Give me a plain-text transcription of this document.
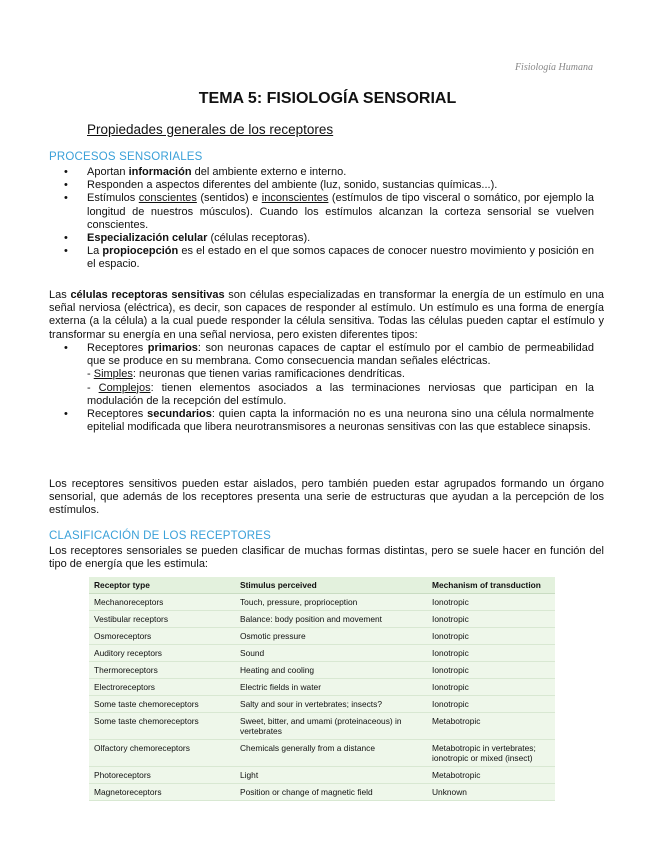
Fisiología Humana
TEMA 5: FISIOLOGÍA SENSORIAL
Propiedades generales de los receptores
PROCESOS SENSORIALES
• Aportan información del ambiente externo e interno.
• Responden a aspectos diferentes del ambiente (luz, sonido, sustancias químicas...).
• Estímulos conscientes (sentidos) e inconscientes (estímulos de tipo visceral o somático, por ejemplo la longitud de nuestros músculos). Cuando los estímulos alcanzan la corteza sensorial se vuelven conscientes.
• Especialización celular (células receptoras).
• La propiocepción es el estado en el que somos capaces de conocer nuestro movimiento y posición en el espacio.
Las células receptoras sensitivas son células especializadas en transformar la energía de un estímulo en una señal nerviosa (eléctrica), es decir, son capaces de responder al estímulo. Un estímulo es una forma de energía externa (a la célula) a la cual puede responder la célula sensitiva. Todas las células pueden captar el estímulo y transformar su energía en una señal nerviosa, pero existen diferentes tipos:
• Receptores primarios: son neuronas capaces de captar el estímulo por el cambio de permeabilidad que se produce en su membrana. Como consecuencia mandan señales eléctricas.
- Simples: neuronas que tienen varias ramificaciones dendríticas.
- Complejos: tienen elementos asociados a las terminaciones nerviosas que participan en la modulación de la recepción del estímulo.
• Receptores secundarios: quien capta la información no es una neurona sino una célula normalmente epitelial modificada que libera neurotransmisores a neuronas sensitivas con las que establece sinapsis.
Los receptores sensitivos pueden estar aislados, pero también pueden estar agrupados formando un órgano sensorial, que además de los receptores presenta una serie de estructuras que ayudan a la percepción de los estímulos.
CLASIFICACIÓN DE LOS RECEPTORES
Los receptores sensoriales se pueden clasificar de muchas formas distintas, pero se suele hacer en función del tipo de energía que les estimula:
Receptor type	Stimulus perceived	Mechanism of transduction
Mechanoreceptors	Touch, pressure, proprioception	Ionotropic
Vestibular receptors	Balance: body position and movement	Ionotropic
Osmoreceptors	Osmotic pressure	Ionotropic
Auditory receptors	Sound	Ionotropic
Thermoreceptors	Heating and cooling	Ionotropic
Electroreceptors	Electric fields in water	Ionotropic
Some taste chemoreceptors	Salty and sour in vertebrates; insects?	Ionotropic
Some taste chemoreceptors	Sweet, bitter, and umami (proteinaceous) in vertebrates	Metabotropic
Olfactory chemoreceptors	Chemicals generally from a distance	Metabotropic in vertebrates; ionotropic or mixed (insect)
Photoreceptors	Light	Metabotropic
Magnetoreceptors	Position or change of magnetic field	Unknown
